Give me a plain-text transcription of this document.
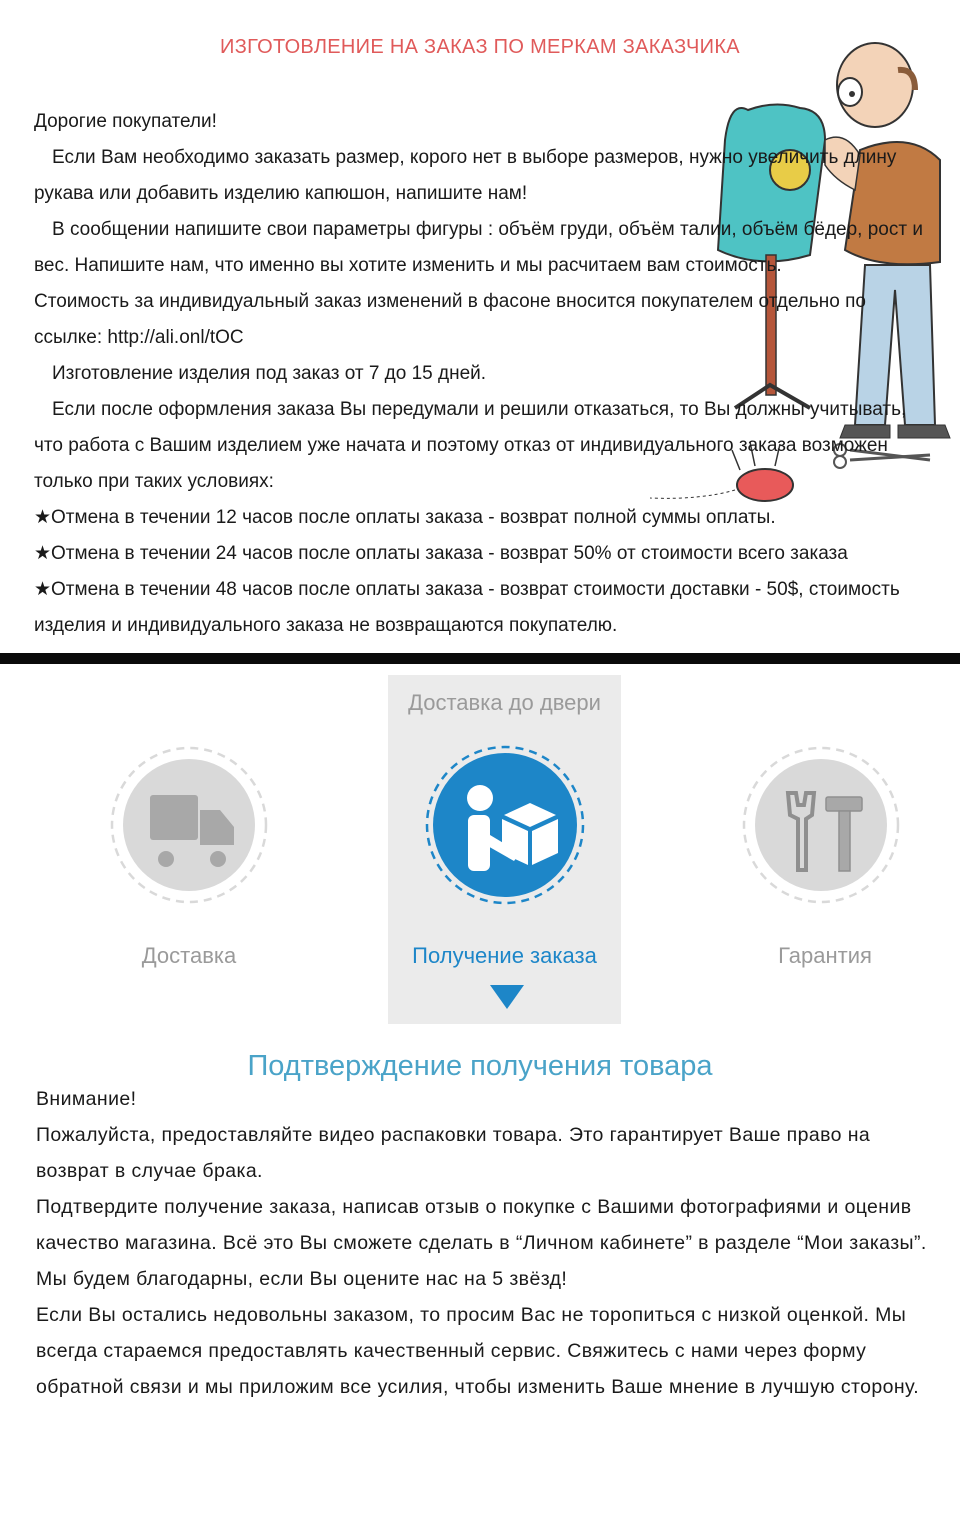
ИЗГОТОВЛЕНИЕ НА ЗАКАЗ ПО МЕРКАМ ЗАКАЗЧИКА

Дорогие покупатели!

Если Вам необходимо заказать размер, корого нет в выборе размеров, нужно увеличить длину рукава или добавить изделию капюшон, напишите нам!

В сообщении напишите свои параметры фигуры : объём груди, объём талии, объём бёдер, рост и вес. Напишите нам, что именно вы хотите изменить и мы расчитаем вам стоимость.

Стоимость за индивидуальный заказ изменений в фасоне вносится покупателем отдельно по ссылке: http://ali.onl/tOC

Изготовление изделия под заказ от 7 до 15 дней.

Если после оформления заказа Вы передумали и решили отказаться, то Вы должны учитывать, что работа с Вашим изделием уже начата и поэтому отказ от индивидуального заказа возможен только при таких условиях:

★Отмена в течении 12 часов после оплаты заказа - возврат полной суммы оплаты.

★Отмена в течении 24 часов после оплаты заказа - возврат 50% от стоимости всего заказа

★Отмена в течении 48 часов после оплаты заказа - возврат стоимости доставки - 50$, стоимость изделия и индивидуального заказа не возвращаются покупателю.

Доставка до двери
Доставка	Получение заказа	Гарантия
Подтверждение получения товара

Внимание!

Пожалуйста, предоставляйте видео распаковки товара. Это гарантирует Ваше право на возврат в случае брака.

Подтвердите получение заказа, написав отзыв о покупке с Вашими фотографиями и оценив качество магазина. Всё это Вы сможете сделать в “Личном кабинете” в разделе “Мои заказы”. Мы будем благодарны, если Вы оцените нас на 5 звёзд!

Если Вы остались недовольны заказом, то просим Вас не торопиться с низкой оценкой. Мы всегда стараемся предоставлять качественный сервис. Свяжитесь с нами через форму обратной связи и мы приложим все усилия, чтобы изменить Ваше мнение в лучшую сторону.
